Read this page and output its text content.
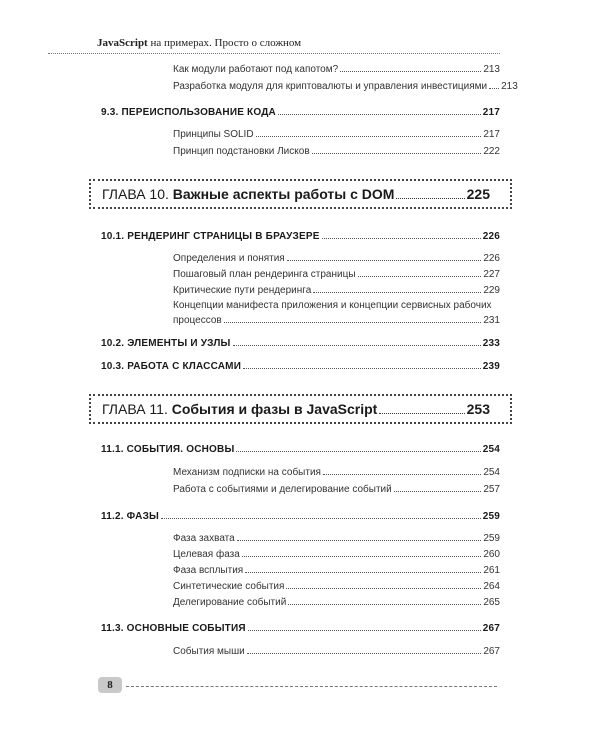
JavaScript на примерах. Просто о сложном
Как модули работают под капотом?	213
Разработка модуля для криптовалюты и управления инвестициями 213
9.3. ПЕРЕИСПОЛЬЗОВАНИЕ КОДА	217
Принципы SOLID	217
Принцип подстановки Лисков	222
ГЛАВА 10.
Важные аспекты работы с DOM	225
10.1. РЕНДЕРИНГ СТРАНИЦЫ В БРАУЗЕРЕ	226
Определения и понятия	226
Пошаговый план рендеринга страницы	227
Критические пути рендеринга	229
Концепции манифеста приложения и концепции сервисных рабочих
процессов	231
10.2. ЭЛЕМЕНТЫ И УЗЛЫ	233
10.3. РАБОТА С КЛАССАМИ	239
ГЛАВА 11.
События и фазы в JavaScript	253
11.1. СОБЫТИЯ. ОСНОВЫ	254
Механизм подписки на события	254
Работа с событиями и делегирование событий	257
11.2. ФАЗЫ	259
Фаза захвата	259
Целевая фаза	260
Фаза всплытия	261
Синтетические события	264
Делегирование событий	265
11.3. ОСНОВНЫЕ СОБЫТИЯ	267
События мыши	267
8
